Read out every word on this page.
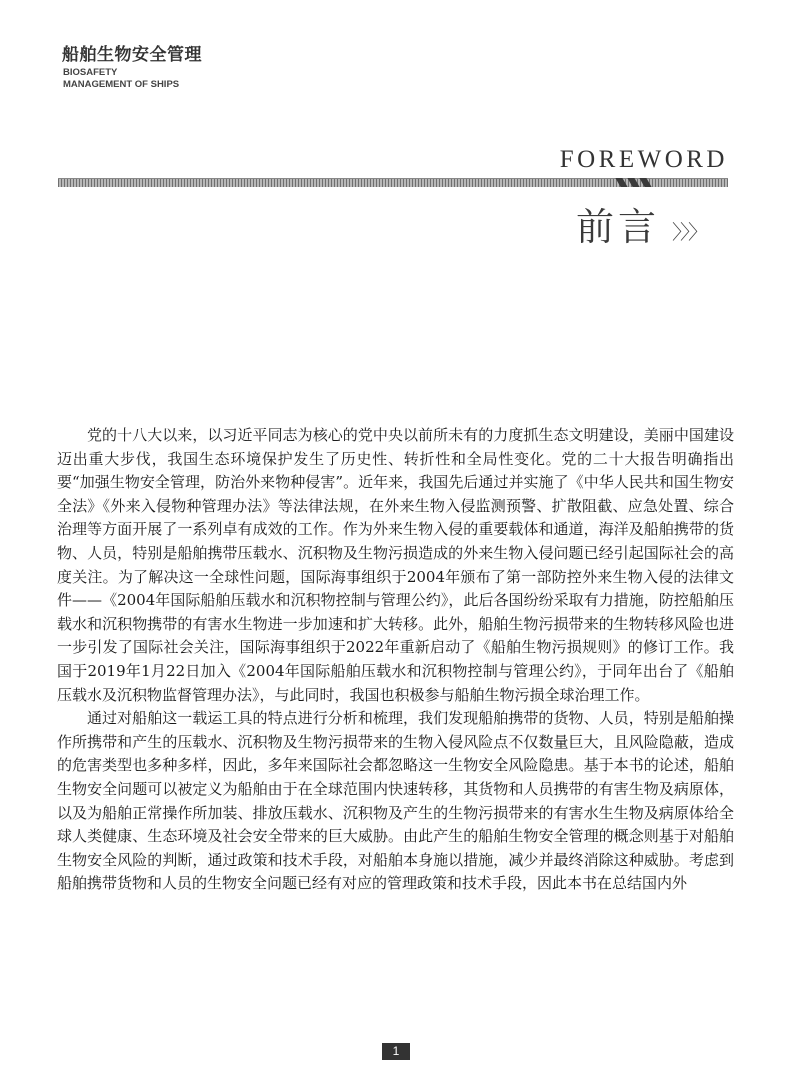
船舶生物安全管理
BIOSAFETY
MANAGEMENT OF SHIPS
FOREWORD
前言 〉〉〉

党的十八大以来，以习近平同志为核心的党中央以前所未有的力度抓生态文明建设，美丽中国建设迈出重大步伐，我国生态环境保护发生了历史性、转折性和全局性变化。党的二十大报告明确指出要“加强生物安全管理，防治外来物种侵害”。近年来，我国先后通过并实施了《中华人民共和国生物安全法》《外来入侵物种管理办法》等法律法规，在外来生物入侵监测预警、扩散阻截、应急处置、综合治理等方面开展了一系列卓有成效的工作。作为外来生物入侵的重要载体和通道，海洋及船舶携带的货物、人员，特别是船舶携带压载水、沉积物及生物污损造成的外来生物入侵问题已经引起国际社会的高度关注。为了解决这一全球性问题，国际海事组织于2004年颁布了第一部防控外来生物入侵的法律文件——《2004年国际船舶压载水和沉积物控制与管理公约》，此后各国纷纷采取有力措施，防控船舶压载水和沉积物携带的有害水生物进一步加速和扩大转移。此外，船舶生物污损带来的生物转移风险也进一步引发了国际社会关注，国际海事组织于2022年重新启动了《船舶生物污损规则》的修订工作。我国于2019年1月22日加入《2004年国际船舶压载水和沉积物控制与管理公约》，于同年出台了《船舶压载水及沉积物监督管理办法》，与此同时，我国也积极参与船舶生物污损全球治理工作。

通过对船舶这一载运工具的特点进行分析和梳理，我们发现船舶携带的货物、人员，特别是船舶操作所携带和产生的压载水、沉积物及生物污损带来的生物入侵风险点不仅数量巨大，且风险隐蔽，造成的危害类型也多种多样，因此，多年来国际社会都忽略这一生物安全风险隐患。基于本书的论述，船舶生物安全问题可以被定义为船舶由于在全球范围内快速转移，其货物和人员携带的有害生物及病原体，以及为船舶正常操作所加装、排放压载水、沉积物及产生的生物污损带来的有害水生生物及病原体给全球人类健康、生态环境及社会安全带来的巨大威胁。由此产生的船舶生物安全管理的概念则基于对船舶生物安全风险的判断，通过政策和技术手段，对船舶本身施以措施，减少并最终消除这种威胁。考虑到船舶携带货物和人员的生物安全问题已经有对应的管理政策和技术手段，因此本书在总结国内外

1
